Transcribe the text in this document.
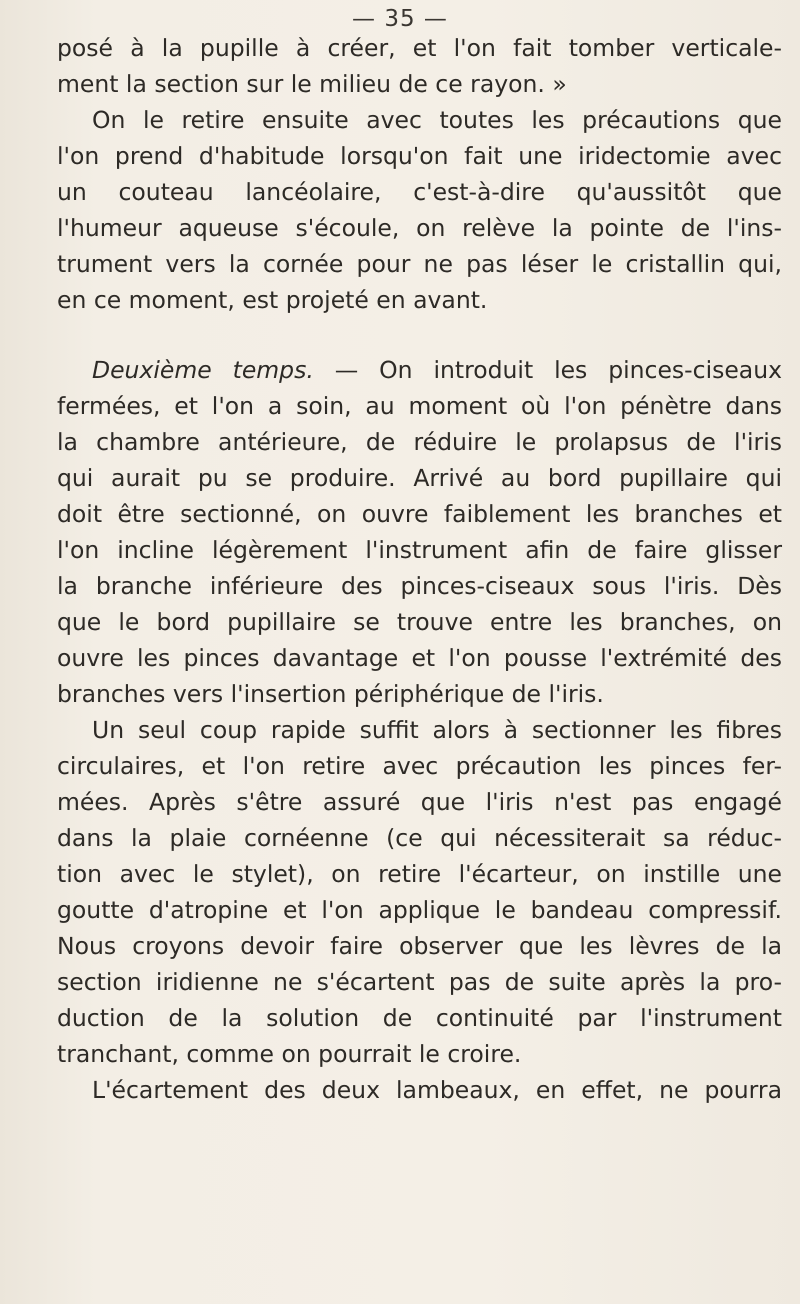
— 35 —
posé à la pupille à créer, et l'on fait tomber verticale-
ment la section sur le milieu de ce rayon. »
On le retire ensuite avec toutes les précautions que
l'on prend d'habitude lorsqu'on fait une iridectomie avec
un couteau lancéolaire, c'est-à-dire qu'aussitôt que
l'humeur aqueuse s'écoule, on relève la pointe de l'ins-
trument vers la cornée pour ne pas léser le cristallin qui,
en ce moment, est projeté en avant.
Deuxième temps. — On introduit les pinces-ciseaux
fermées, et l'on a soin, au moment où l'on pénètre dans
la chambre antérieure, de réduire le prolapsus de l'iris
qui aurait pu se produire. Arrivé au bord pupillaire qui
doit être sectionné, on ouvre faiblement les branches et
l'on incline légèrement l'instrument afin de faire glisser
la branche inférieure des pinces-ciseaux sous l'iris. Dès
que le bord pupillaire se trouve entre les branches, on
ouvre les pinces davantage et l'on pousse l'extrémité des
branches vers l'insertion périphérique de l'iris.
Un seul coup rapide suffit alors à sectionner les fibres
circulaires, et l'on retire avec précaution les pinces fer-
mées. Après s'être assuré que l'iris n'est pas engagé
dans la plaie cornéenne (ce qui nécessiterait sa réduc-
tion avec le stylet), on retire l'écarteur, on instille une
goutte d'atropine et l'on applique le bandeau compressif.
Nous croyons devoir faire observer que les lèvres de la
section iridienne ne s'écartent pas de suite après la pro-
duction de la solution de continuité par l'instrument
tranchant, comme on pourrait le croire.
L'écartement des deux lambeaux, en effet, ne pourra
